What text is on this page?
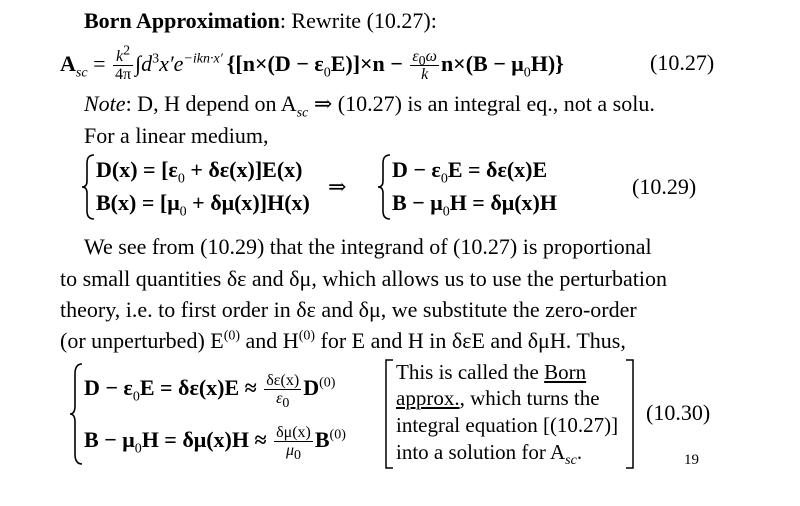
Born Approximation: Rewrite (10.27):
$A_{sc} = \frac{k^2}{4\pi} \int d^3x'e^{-ikn\cdot x'}$ $\{[n\times(D - \varepsilon_0E)]\times n - \frac{\varepsilon_0\omega}{k} n\times(B - \mu_0H)\}$	(10.27)
Note: D, H depend on $A_{sc}$ ⇒ (10.27) is an integral eq., not a solu.
For a linear medium,
$D(x) = [\varepsilon_0 + \delta\varepsilon(x)]E(x)$
$B(x) = [\mu_0 + \delta\mu(x)]H(x)$
⇒
$D - \varepsilon_0E = \delta\varepsilon(x)E$
$B - \mu_0H = \delta\mu(x)H$
(10.29)
We see from (10.29) that the integrand of (10.27) is proportional
to small quantities δε and δμ, which allows us to use the perturbation
theory, i.e. to first order in δε and δμ, we substitute the zero-order
(or unperturbed) $E^{(0)}$ and $H^{(0)}$ for E and H in δεE and δμH. Thus,
$D - \varepsilon_0E = \delta\varepsilon(x)E \approx \frac{\delta\varepsilon(x)}{\varepsilon_0} D^{(0)}$
$B - \mu_0H = \delta\mu(x)H \approx \frac{\delta\mu(x)}{\mu_0} B^{(0)}$
This is called the Born
approx., which turns the
integral equation [(10.27)]
into a solution for $A_{sc}$.
(10.30)
19
